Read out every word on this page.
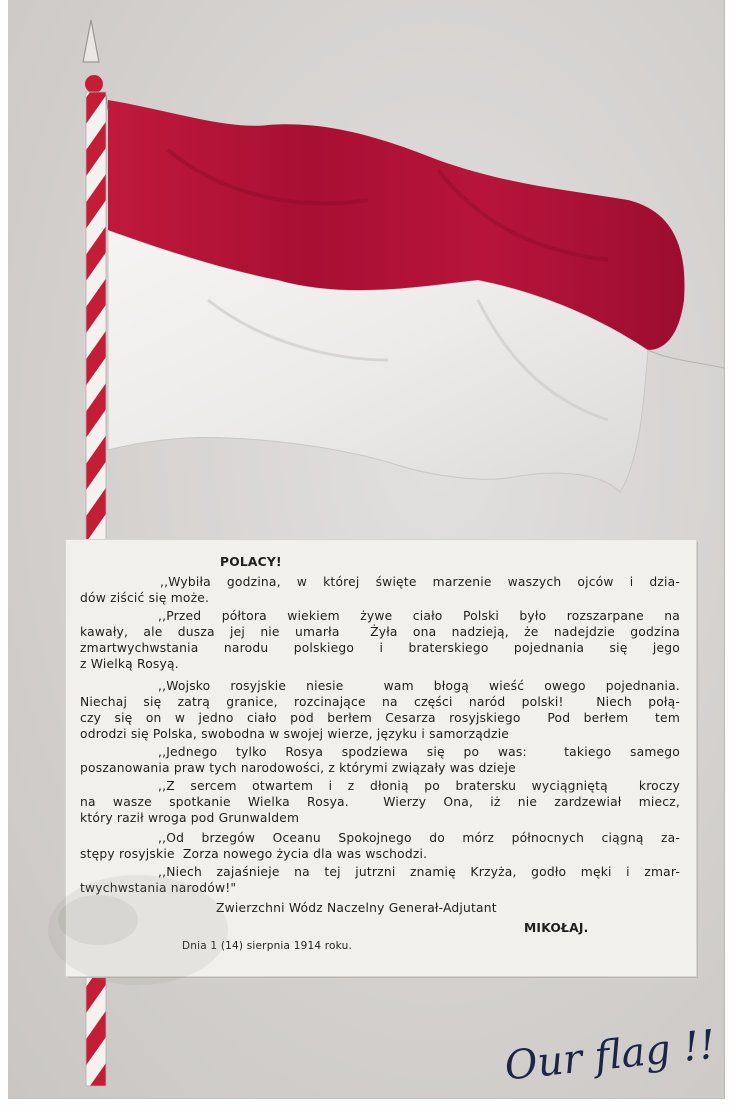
POLACY!
,,Wybiła godzina, w której święte marzenie waszych ojców i dzia-
dów ziścić się może.
,,Przed półtora wiekiem żywe ciało Polski było rozszarpane na
kawały, ale dusza jej nie umarła  Żyła ona nadzieją, że nadejdzie godzina
zmartwychwstania narodu polskiego i braterskiego pojednania się jego
z Wielką Rosyą.
,,Wojsko rosyjskie niesie  wam błogą wieść owego pojednania.
Niechaj się zatrą granice, rozcinające na części naród polski!  Niech połą-
czy się on w jedno ciało pod berłem Cesarza rosyjskiego  Pod berłem  tem
odrodzi się Polska, swobodna w swojej wierze, języku i samorządzie
,,Jednego tylko Rosya spodziewa się po was:  takiego samego
poszanowania praw tych narodowości, z którymi związały was dzieje
,,Z sercem otwartem i z dłonią po bratersku wyciągniętą  kroczy
na wasze spotkanie Wielka Rosya.  Wierzy Ona, iż nie zardzewiał miecz,
który raził wroga pod Grunwaldem
,,Od brzegów Oceanu Spokojnego do mórz północnych ciągną za-
stępy rosyjskie  Zorza nowego życia dla was wschodzi.
,,Niech zajaśnieje na tej jutrzni znamię Krzyża, godło męki i zmar-
twychwstania narodów!"
Zwierzchni Wódz Naczelny Generał-Adjutant
MIKOŁAJ.
Dnia 1 (14) sierpnia 1914 roku.
Our flag !!
